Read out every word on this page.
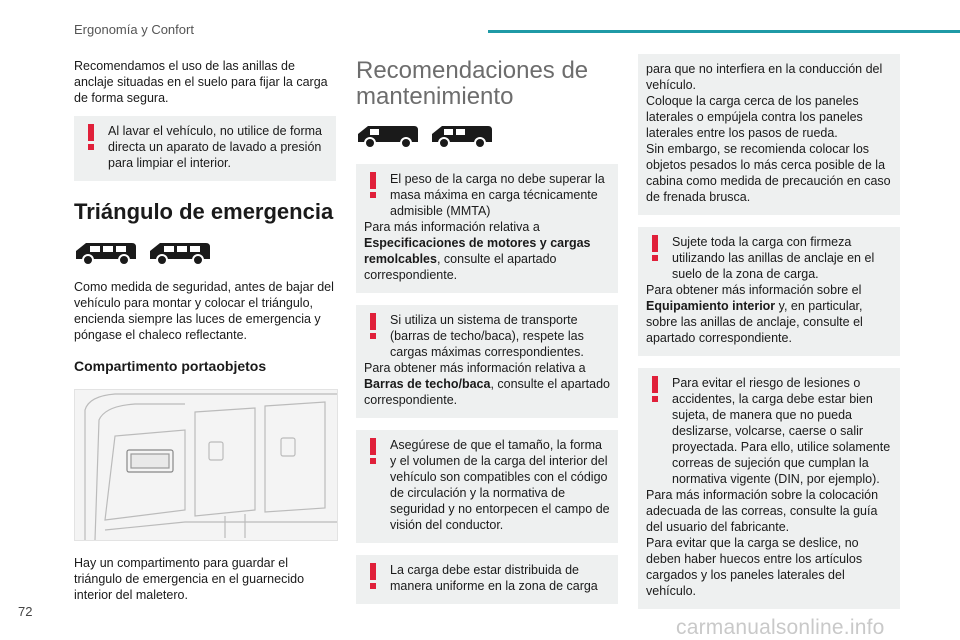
Ergonomía y Confort

Recomendamos el uso de las anillas de anclaje situadas en el suelo para fijar la carga de forma segura.

Al lavar el vehículo, no utilice de forma directa un aparato de lavado a presión para limpiar el interior.
Triángulo de emergencia

Como medida de seguridad, antes de bajar del vehículo para montar y colocar el triángulo, encienda siempre las luces de emergencia y póngase el chaleco reflectante.

Compartimento portaobjetos

Hay un compartimento para guardar el triángulo de emergencia en el guarnecido interior del maletero.

Recomendaciones de mantenimiento
El peso de la carga no debe superar la masa máxima en carga técnicamente admisible (MMTA)
Para más información relativa a Especificaciones de motores y cargas remolcables, consulte el apartado correspondiente.
Si utiliza un sistema de transporte (barras de techo/baca), respete las cargas máximas correspondientes.
Para obtener más información relativa a Barras de techo/baca, consulte el apartado correspondiente.
Asegúrese de que el tamaño, la forma y el volumen de la carga del interior del vehículo son compatibles con el código de circulación y la normativa de seguridad y no entorpecen el campo de visión del conductor.
La carga debe estar distribuida de manera uniforme en la zona de carga

para que no interfiera en la conducción del vehículo.

Coloque la carga cerca de los paneles laterales o empújela contra los paneles laterales entre los pasos de rueda.

Sin embargo, se recomienda colocar los objetos pesados lo más cerca posible de la cabina como medida de precaución en caso de frenada brusca.

Sujete toda la carga con firmeza utilizando las anillas de anclaje en el suelo de la zona de carga.
Para obtener más información sobre el Equipamiento interior y, en particular, sobre las anillas de anclaje, consulte el apartado correspondiente.
Para evitar el riesgo de lesiones o accidentes, la carga debe estar bien sujeta, de manera que no pueda deslizarse, volcarse, caerse o salir proyectada. Para ello, utilice solamente correas de sujeción que cumplan la normativa vigente (DIN, por ejemplo).

Para más información sobre la colocación adecuada de las correas, consulte la guía del usuario del fabricante.

Para evitar que la carga se deslice, no deben haber huecos entre los artículos cargados y los paneles laterales del vehículo.

72
carmanualsonline.info
